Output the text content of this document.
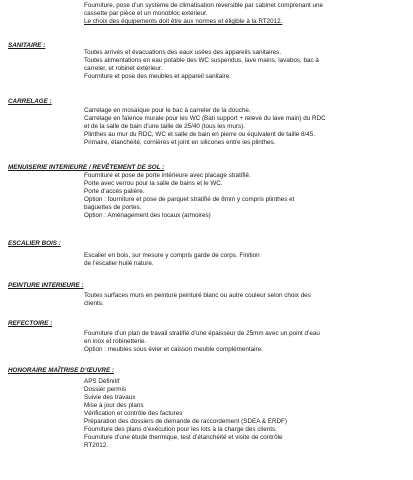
Fourniture, pose d’un système de climatisation réversible par cabinet comprenant une
cassette par pièce et un monobloc extérieur.
Le choix des équipements doit être aux normes et éligible à la RT2012.
SANITAIRE :
Toutes arrivés et évacuations des eaux usées des appareils sanitaires.
Toutes alimentations en eau potable des WC suspendus, lave mains, lavabos, bac à
carreler, et robinet extérieur.
Fourniture et pose des meubles et appareil sanitaire.
CARRELAGE :
Carrelage en mosaïque pour le bac à carreler de la douche.
Carrelage en faïence murale pour les WC (Bati support + relevé du lave main) du RDC
et de la salle de bain d’une taille de 25/40 (tous les murs).
Plinthes au mur du RDC, WC et salle de bain en pierre ou équivalent de taille 8/45.
Primaire, étanchéité, cornières et joint en silicones entre les plinthes.
MENUISERIE INTERIEURE / REVÊTEMENT DE SOL :
Fourniture et pose de porte intérieure avec placage stratifié.
Porte avec verrou pour la salle de bains et le WC.
Porte d’accès palière.
Option : fourniture et pose de parquet stratifié de 8mm y compris plinthes et
baguettes de portes.
Option : Aménagement des locaux (armoires)
ESCALIER BOIS :
Escalier en bois, sur mesure y compris garde de corps. Finition
de l’escalier huilé nature.
PEINTURE INTERIEURE :
Toutes surfaces murs en peinture peinturé blanc ou autre couleur selon choix des
clients.
REFECTOIRE :
Fourniture d’un plan de travail stratifié d’une épaisseur de 25mm avec un point d’eau
en inox et robinetterie.
Option : meubles sous évier et caisson meuble complémentaire.
HONORAIRE MAÎTRISE D’ŒUVRE :
APS Définitif
Dossier permis
Suivie des travaux
Mise à jour des plans
Vérification et contrôle des factures
Préparation des dossiers de demande de raccordement (SDEA & ERDF)
Fourniture des plans d’exécution pour les lots à la charge des clients.
Fourniture d’une étude thermique, test d’étanchéité et visite de contrôle
RT2012.
